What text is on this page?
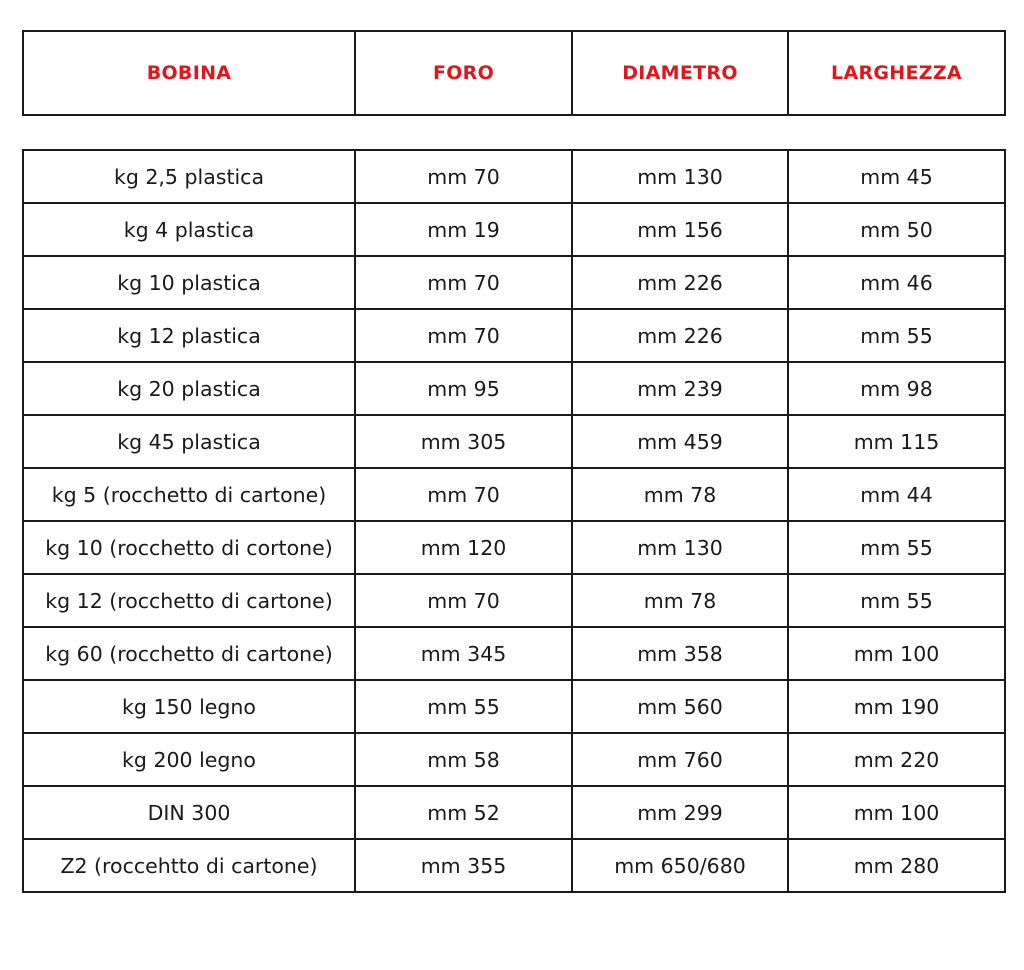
BOBINA	FORO	DIAMETRO	LARGHEZZA
kg 2,5 plastica	mm 70	mm 130	mm 45
kg 4 plastica	mm 19	mm 156	mm 50
kg 10 plastica	mm 70	mm 226	mm 46
kg 12 plastica	mm 70	mm 226	mm 55
kg 20 plastica	mm 95	mm 239	mm 98
kg 45 plastica	mm 305	mm 459	mm 115
kg 5 (rocchetto di cartone)	mm 70	mm 78	mm 44
kg 10 (rocchetto di cortone)	mm 120	mm 130	mm 55
kg 12 (rocchetto di cartone)	mm 70	mm 78	mm 55
kg 60 (rocchetto di cartone)	mm 345	mm 358	mm 100
kg 150 legno	mm 55	mm 560	mm 190
kg 200 legno	mm 58	mm 760	mm 220
DIN 300	mm 52	mm 299	mm 100
Z2 (roccehtto di cartone)	mm 355	mm 650/680	mm 280
